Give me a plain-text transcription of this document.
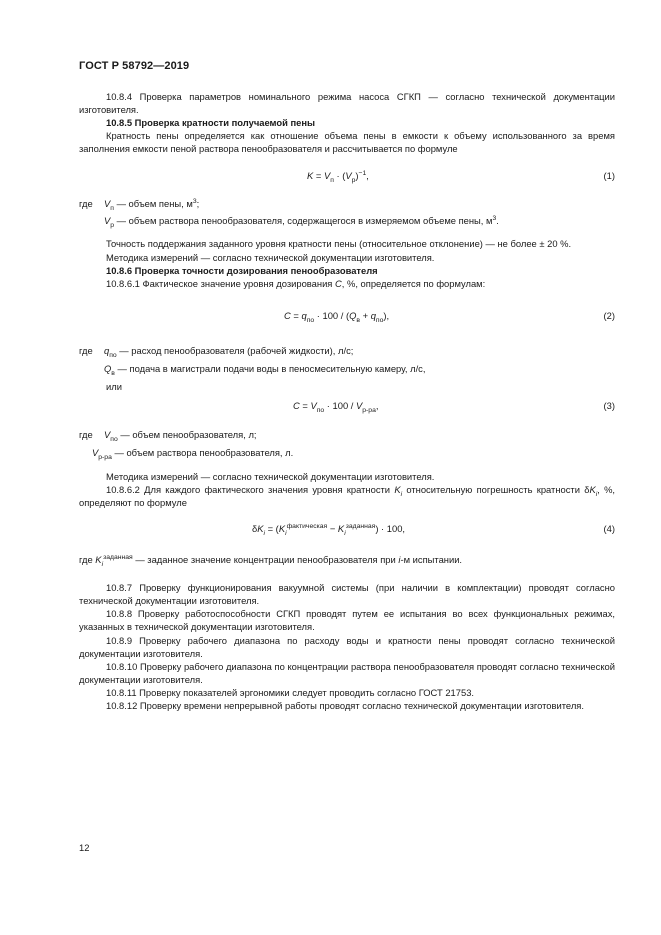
ГОСТ Р 58792—2019

10.8.4 Проверка параметров номинального режима насоса СГКП — согласно технической документации изготовителя.

10.8.5 Проверка кратности получаемой пены

Кратность пены определяется как отношение объема пены в емкости к объему использованного за время заполнения емкости пеной раствора пенообразователя и рассчитывается по формуле

$K = V_п \cdot (V_р)^{-1}$,	(1)
где $V_п$ — объем пены, $м^3$;
$V_р$ — объем раствора пенообразователя, содержащегося в измеряемом объеме пены, $м^3$.

Точность поддержания заданного уровня кратности пены (относительное отклонение) — не более ± 20 %.

Методика измерений — согласно технической документации изготовителя.

10.8.6 Проверка точности дозирования пенообразователя

10.8.6.1 Фактическое значение уровня дозирования C, %, определяется по формулам:

$C = q_{по} \cdot 100 / (Q_в + q_{по})$,	(2)
где $q_{по}$ — расход пенообразователя (рабочей жидкости), л/с;
$Q_в$ — подача в магистрали подачи воды в пеносмесительную камеру, л/с,
или
$C = V_{по} \cdot 100 / V_{р-ра}$,	(3)
где $V_{по}$ — объем пенообразователя, л;
$V_{р-ра}$ — объем раствора пенообразователя, л.

Методика измерений — согласно технической документации изготовителя.

10.8.6.2 Для каждого фактического значения уровня кратности $K_i$ относительную погрешность кратности $\delta K_i$, %, определяют по формуле

$\delta K_i = (K_i^{фактическая} - K_i^{заданная}) \cdot 100$,	(4)
где $K_i^{заданная}$ — заданное значение концентрации пенообразователя при i-м испытании.

10.8.7 Проверку функционирования вакуумной системы (при наличии в комплектации) проводят согласно технической документации изготовителя.

10.8.8 Проверку работоспособности СГКП проводят путем ее испытания во всех функциональных режимах, указанных в технической документации изготовителя.

10.8.9 Проверку рабочего диапазона по расходу воды и кратности пены проводят согласно технической документации изготовителя.

10.8.10 Проверку рабочего диапазона по концентрации раствора пенообразователя проводят согласно технической документации изготовителя.

10.8.11 Проверку показателей эргономики следует проводить согласно ГОСТ 21753.

10.8.12 Проверку времени непрерывной работы проводят согласно технической документации изготовителя.

12
